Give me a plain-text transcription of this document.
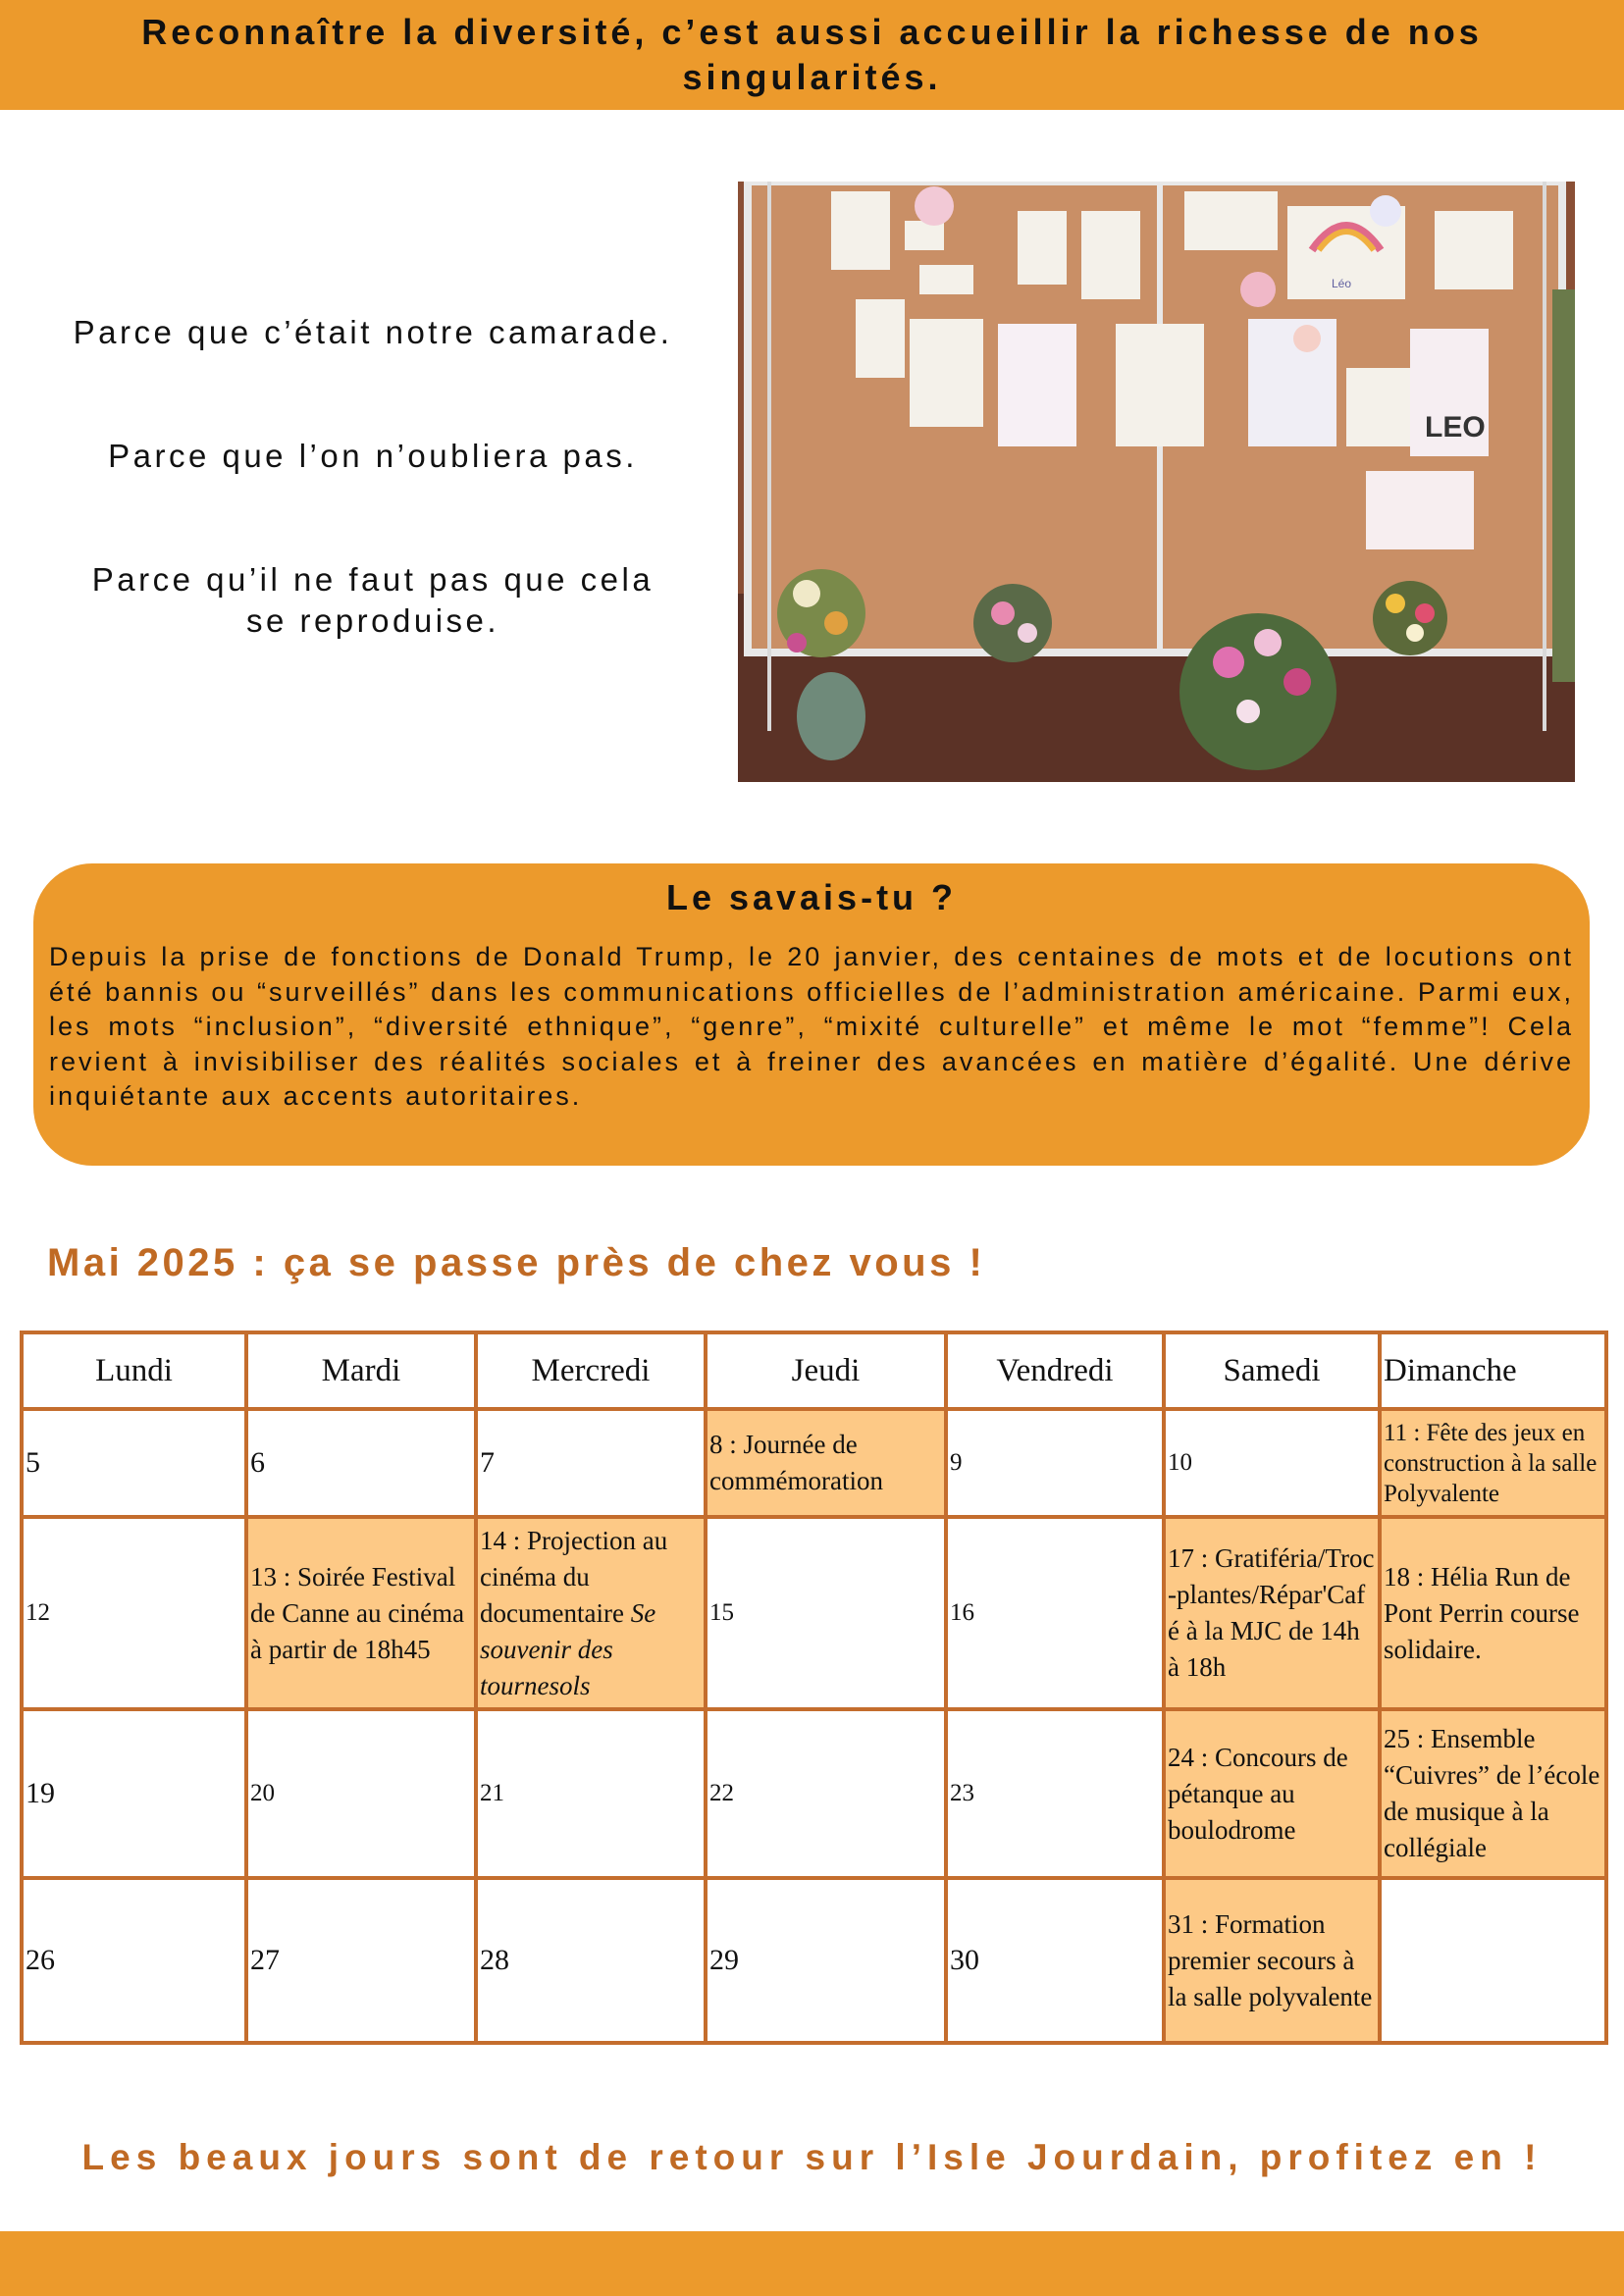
Reconnaître la diversité, c’est aussi accueillir la richesse de nos singularités.

Parce que c’était notre camarade.

Parce que l’on n’oubliera pas.

Parce qu’il ne faut pas que cela se reproduise.

Léo
LEO
Le savais-tu ?
Depuis la prise de fonctions de Donald Trump, le 20 janvier, des centaines de mots et de locutions ont été bannis ou “surveillés” dans les communications officielles de l’administration américaine. Parmi eux, les mots “inclusion”, “diversité ethnique”, “genre”, “mixité culturelle” et même le mot “femme”! Cela revient à invisibiliser des réalités sociales et à freiner des avancées en matière d’égalité. Une dérive inquiétante aux accents autoritaires.
Mai 2025 : ça se passe près de chez vous !
Lundi	Mardi	Mercredi	Jeudi	Vendredi	Samedi	Dimanche
5	6	7	8 : Journée de commémoration	9	10	11 : Fête des jeux en construction à la salle Polyvalente
12	13 : Soirée Festival de Canne au cinéma à partir de 18h45	14 : Projection au cinéma du documentaire Se souvenir des tournesols	15	16	17 : Gratiféria/Troc-plantes/Répar'Café à la MJC de 14h à 18h	18 : Hélia Run de Pont Perrin course solidaire.
19	20	21	22	23	24 : Concours de pétanque au boulodrome	25 : Ensemble “Cuivres” de l’école de musique à la collégiale
26	27	28	29	30	31 : Formation premier secours à la salle polyvalente	
Les beaux jours sont de retour sur l’Isle Jourdain, profitez en !
